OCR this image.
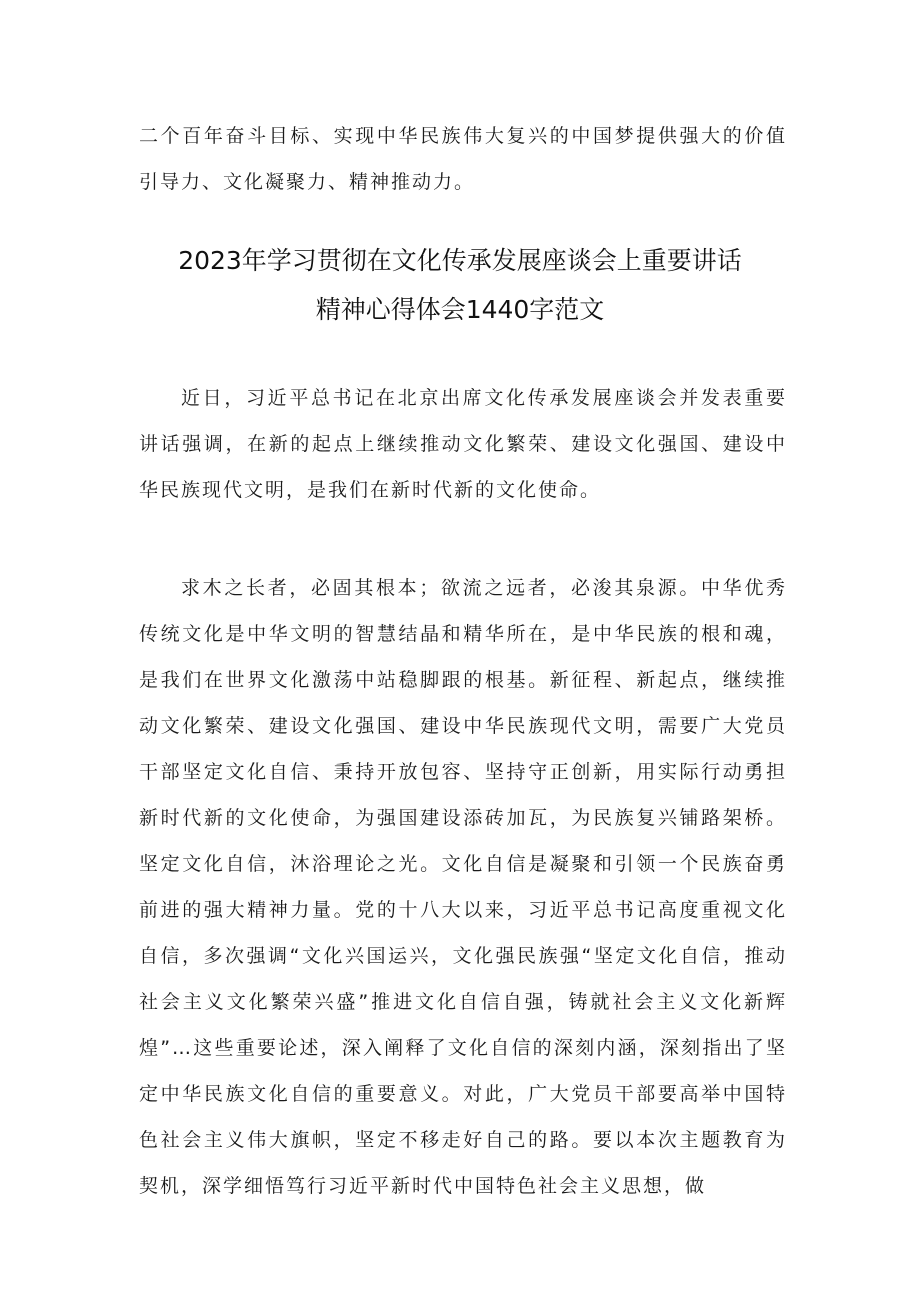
二个百年奋斗目标、实现中华民族伟大复兴的中国梦提供强大的价值引导力、文化凝聚力、精神推动力。

2023年学习贯彻在文化传承发展座谈会上重要讲话
精神心得体会1440字范文

近日，习近平总书记在北京出席文化传承发展座谈会并发表重要讲话强调，在新的起点上继续推动文化繁荣、建设文化强国、建设中华民族现代文明，是我们在新时代新的文化使命。

求木之长者，必固其根本；欲流之远者，必浚其泉源。中华优秀传统文化是中华文明的智慧结晶和精华所在，是中华民族的根和魂，是我们在世界文化激荡中站稳脚跟的根基。新征程、新起点，继续推动文化繁荣、建设文化强国、建设中华民族现代文明，需要广大党员干部坚定文化自信、秉持开放包容、坚持守正创新，用实际行动勇担新时代新的文化使命，为强国建设添砖加瓦，为民族复兴铺路架桥。坚定文化自信，沐浴理论之光。文化自信是凝聚和引领一个民族奋勇前进的强大精神力量。党的十八大以来，习近平总书记高度重视文化自信，多次强调“文化兴国运兴，文化强民族强“坚定文化自信，推动社会主义文化繁荣兴盛”推进文化自信自强，铸就社会主义文化新辉煌”…这些重要论述，深入阐释了文化自信的深刻内涵，深刻指出了坚定中华民族文化自信的重要意义。对此，广大党员干部要高举中国特色社会主义伟大旗帜，坚定不移走好自己的路。要以本次主题教育为契机，深学细悟笃行习近平新时代中国特色社会主义思想，做
